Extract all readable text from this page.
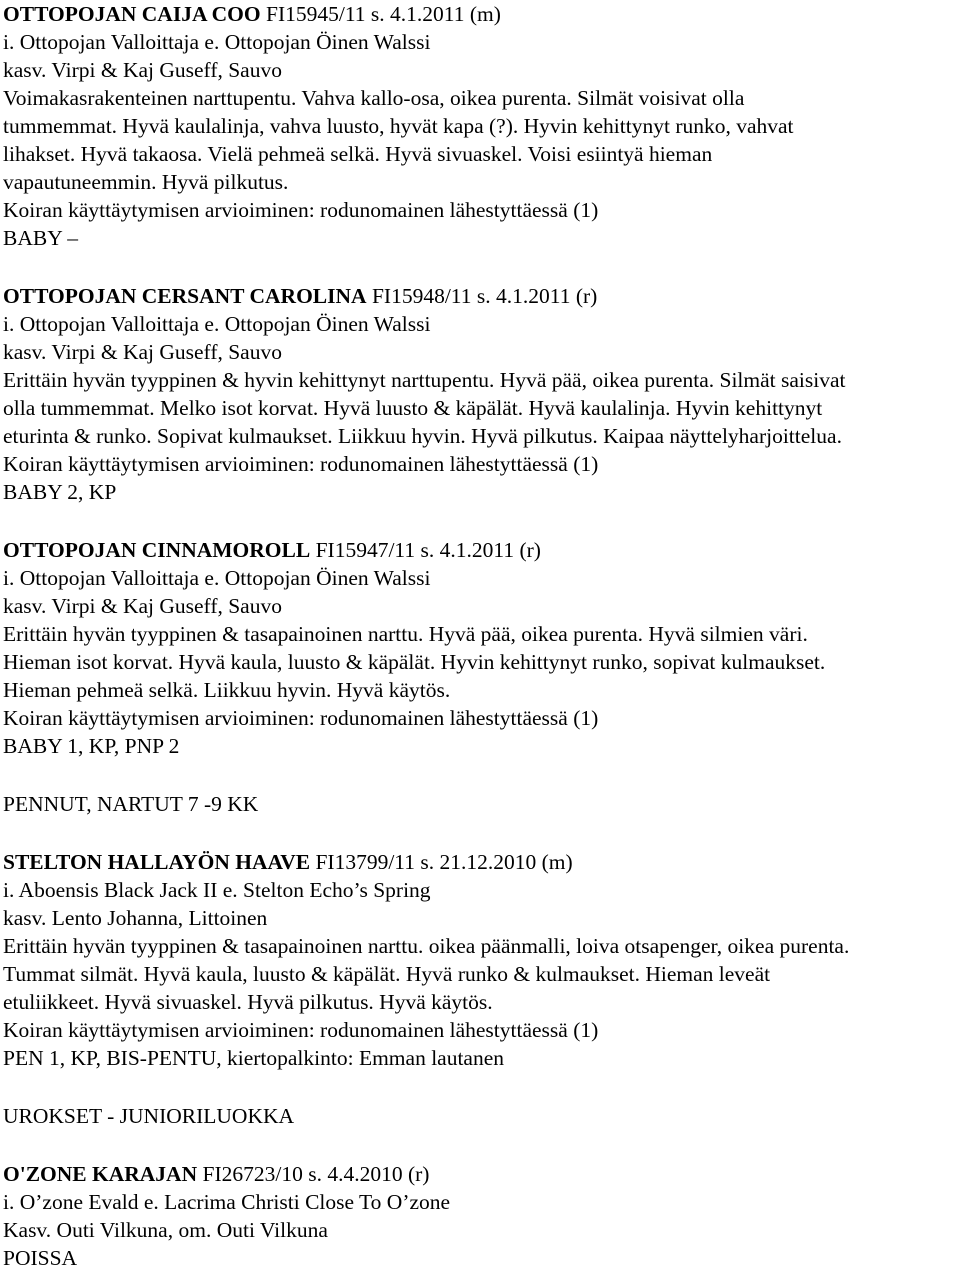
OTTOPOJAN CAIJA COO FI15945/11 s. 4.1.2011 (m)

i. Ottopojan Valloittaja e. Ottopojan Öinen Walssi

kasv. Virpi & Kaj Guseff, Sauvo

Voimakasrakenteinen narttupentu. Vahva kallo-osa, oikea purenta. Silmät voisivat olla

tummemmat. Hyvä kaulalinja, vahva luusto, hyvät kapa (?). Hyvin kehittynyt runko, vahvat

lihakset. Hyvä takaosa. Vielä pehmeä selkä. Hyvä sivuaskel. Voisi esiintyä hieman

vapautuneemmin. Hyvä pilkutus.

Koiran käyttäytymisen arvioiminen: rodunomainen lähestyttäessä (1)

BABY –

OTTOPOJAN CERSANT CAROLINA FI15948/11 s. 4.1.2011 (r)

i. Ottopojan Valloittaja e. Ottopojan Öinen Walssi

kasv. Virpi & Kaj Guseff, Sauvo

Erittäin hyvän tyyppinen & hyvin kehittynyt narttupentu. Hyvä pää, oikea purenta. Silmät saisivat

olla tummemmat. Melko isot korvat. Hyvä luusto & käpälät. Hyvä kaulalinja. Hyvin kehittynyt

eturinta & runko. Sopivat kulmaukset. Liikkuu hyvin. Hyvä pilkutus. Kaipaa näyttelyharjoittelua.

Koiran käyttäytymisen arvioiminen: rodunomainen lähestyttäessä (1)

BABY 2, KP

OTTOPOJAN CINNAMOROLL FI15947/11 s. 4.1.2011 (r)

i. Ottopojan Valloittaja e. Ottopojan Öinen Walssi

kasv. Virpi & Kaj Guseff, Sauvo

Erittäin hyvän tyyppinen & tasapainoinen narttu. Hyvä pää, oikea purenta. Hyvä silmien väri.

Hieman isot korvat. Hyvä kaula, luusto & käpälät. Hyvin kehittynyt runko, sopivat kulmaukset.

Hieman pehmeä selkä. Liikkuu hyvin. Hyvä käytös.

Koiran käyttäytymisen arvioiminen: rodunomainen lähestyttäessä (1)

BABY 1, KP, PNP 2

PENNUT, NARTUT 7 -9 KK

STELTON HALLAYÖN HAAVE FI13799/11 s. 21.12.2010 (m)

i. Aboensis Black Jack II e. Stelton Echo’s Spring

kasv. Lento Johanna, Littoinen

Erittäin hyvän tyyppinen & tasapainoinen narttu. oikea päänmalli, loiva otsapenger, oikea purenta.

Tummat silmät. Hyvä kaula, luusto & käpälät. Hyvä runko & kulmaukset. Hieman leveät

etuliikkeet. Hyvä sivuaskel. Hyvä pilkutus. Hyvä käytös.

Koiran käyttäytymisen arvioiminen: rodunomainen lähestyttäessä (1)

PEN 1, KP, BIS-PENTU, kiertopalkinto: Emman lautanen

UROKSET - JUNIORILUOKKA

O'ZONE KARAJAN FI26723/10 s. 4.4.2010 (r)

i. O’zone Evald e. Lacrima Christi Close To O’zone

Kasv. Outi Vilkuna, om. Outi Vilkuna

POISSA
